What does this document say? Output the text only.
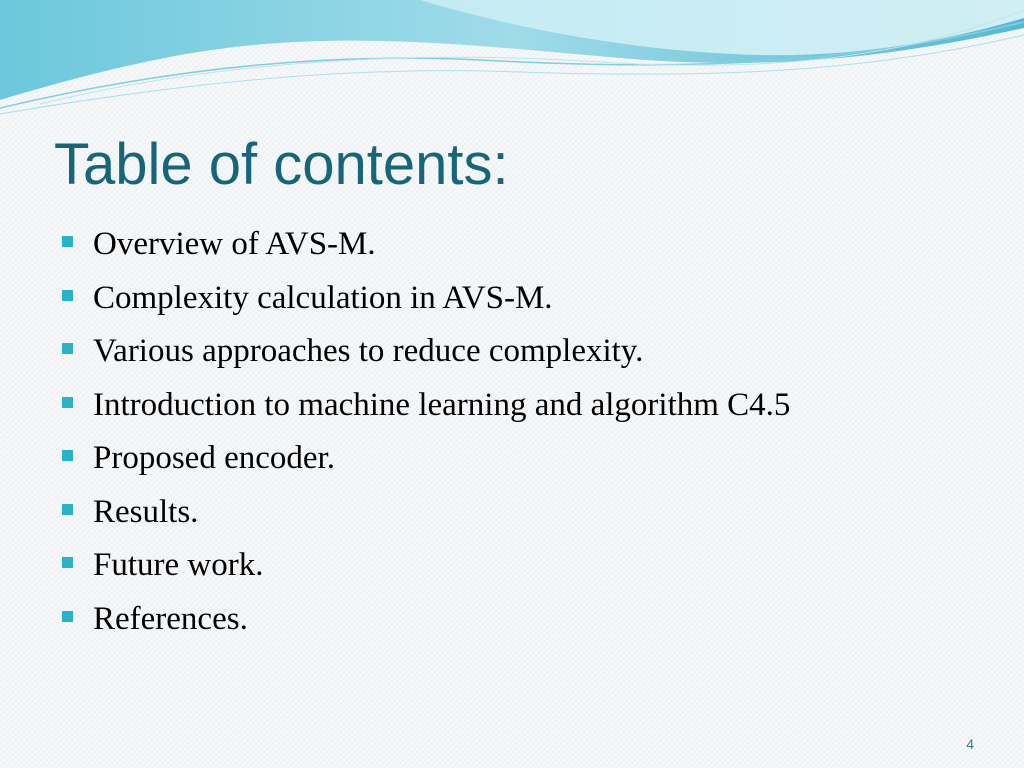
Table of contents:
Overview of AVS-M.
Complexity calculation in AVS-M.
Various approaches to reduce complexity.
Introduction to machine learning and algorithm C4.5
Proposed encoder.
Results.
Future work.
References.
4
